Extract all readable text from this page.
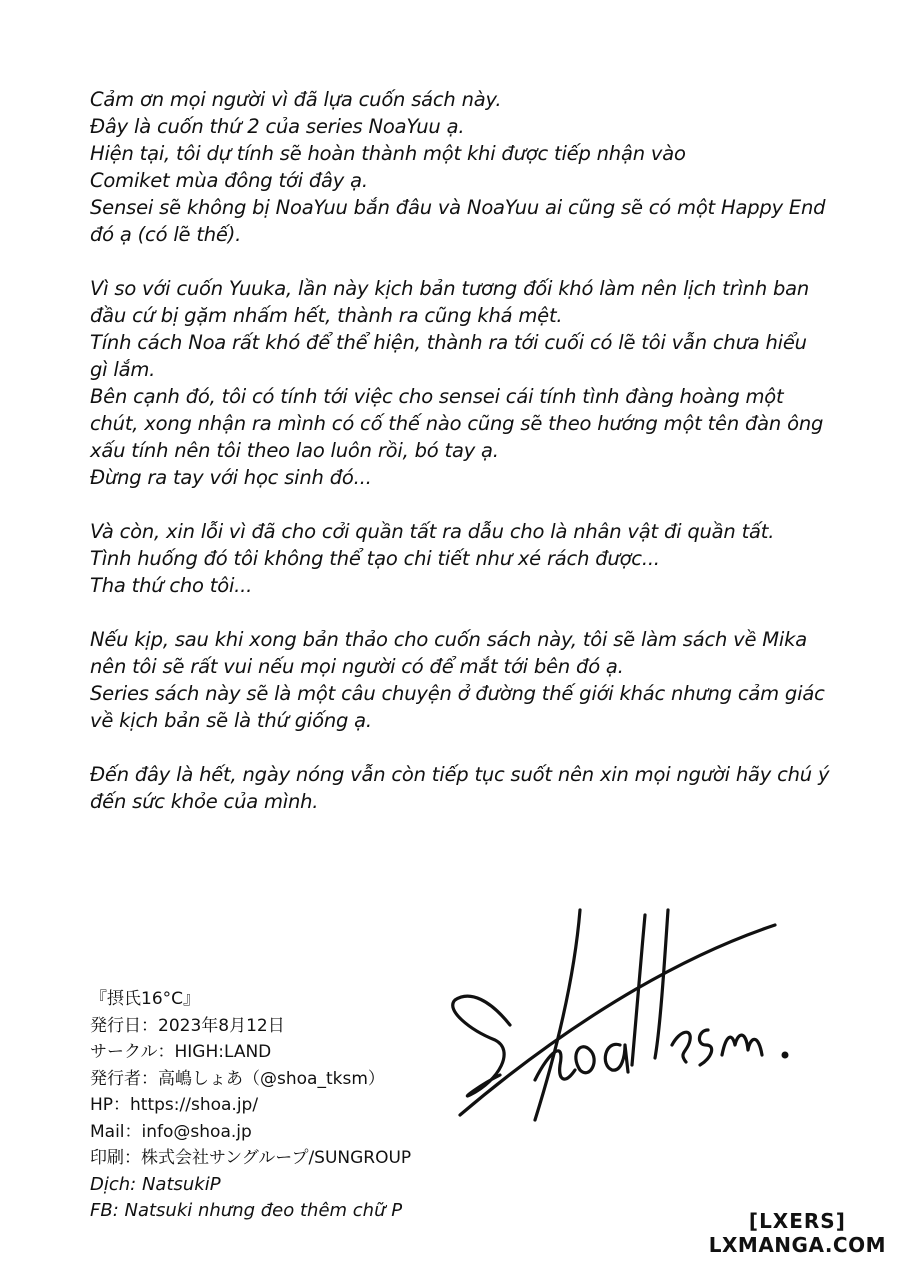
Cảm ơn mọi người vì đã lựa cuốn sách này.
Đây là cuốn thứ 2 của series NoaYuu ạ.
Hiện tại, tôi dự tính sẽ hoàn thành một khi được tiếp nhận vào
Comiket mùa đông tới đây ạ.
Sensei sẽ không bị NoaYuu bắn đâu và NoaYuu ai cũng sẽ có một Happy End
đó ạ (có lẽ thế).
Vì so với cuốn Yuuka, lần này kịch bản tương đối khó làm nên lịch trình ban
đầu cứ bị gặm nhấm hết, thành ra cũng khá mệt.
Tính cách Noa rất khó để thể hiện, thành ra tới cuối có lẽ tôi vẫn chưa hiểu
gì lắm.
Bên cạnh đó, tôi có tính tới việc cho sensei cái tính tình đàng hoàng một
chút, xong nhận ra mình có cố thế nào cũng sẽ theo hướng một tên đàn ông
xấu tính nên tôi theo lao luôn rồi, bó tay ạ.
Đừng ra tay với học sinh đó...
Và còn, xin lỗi vì đã cho cởi quần tất ra dẫu cho là nhân vật đi quần tất.
Tình huống đó tôi không thể tạo chi tiết như xé rách được...
Tha thứ cho tôi...
Nếu kịp, sau khi xong bản thảo cho cuốn sách này, tôi sẽ làm sách về Mika
nên tôi sẽ rất vui nếu mọi người có để mắt tới bên đó ạ.
Series sách này sẽ là một câu chuyện ở đường thế giới khác nhưng cảm giác
về kịch bản sẽ là thứ giống ạ.
Đến đây là hết, ngày nóng vẫn còn tiếp tục suốt nên xin mọi người hãy chú ý
đến sức khỏe của mình.
『摂氏16°C』
発行日：2023年8月12日
サークル：HIGH:LAND
発行者：高嶋しょあ（@shoa_tksm）
HP：https://shoa.jp/
Mail：info@shoa.jp
印刷：株式会社サングループ/SUNGROUP
Dịch: NatsukiP
FB: Natsuki nhưng đeo thêm chữ P	[LXERS]
LXMANGA.COM
